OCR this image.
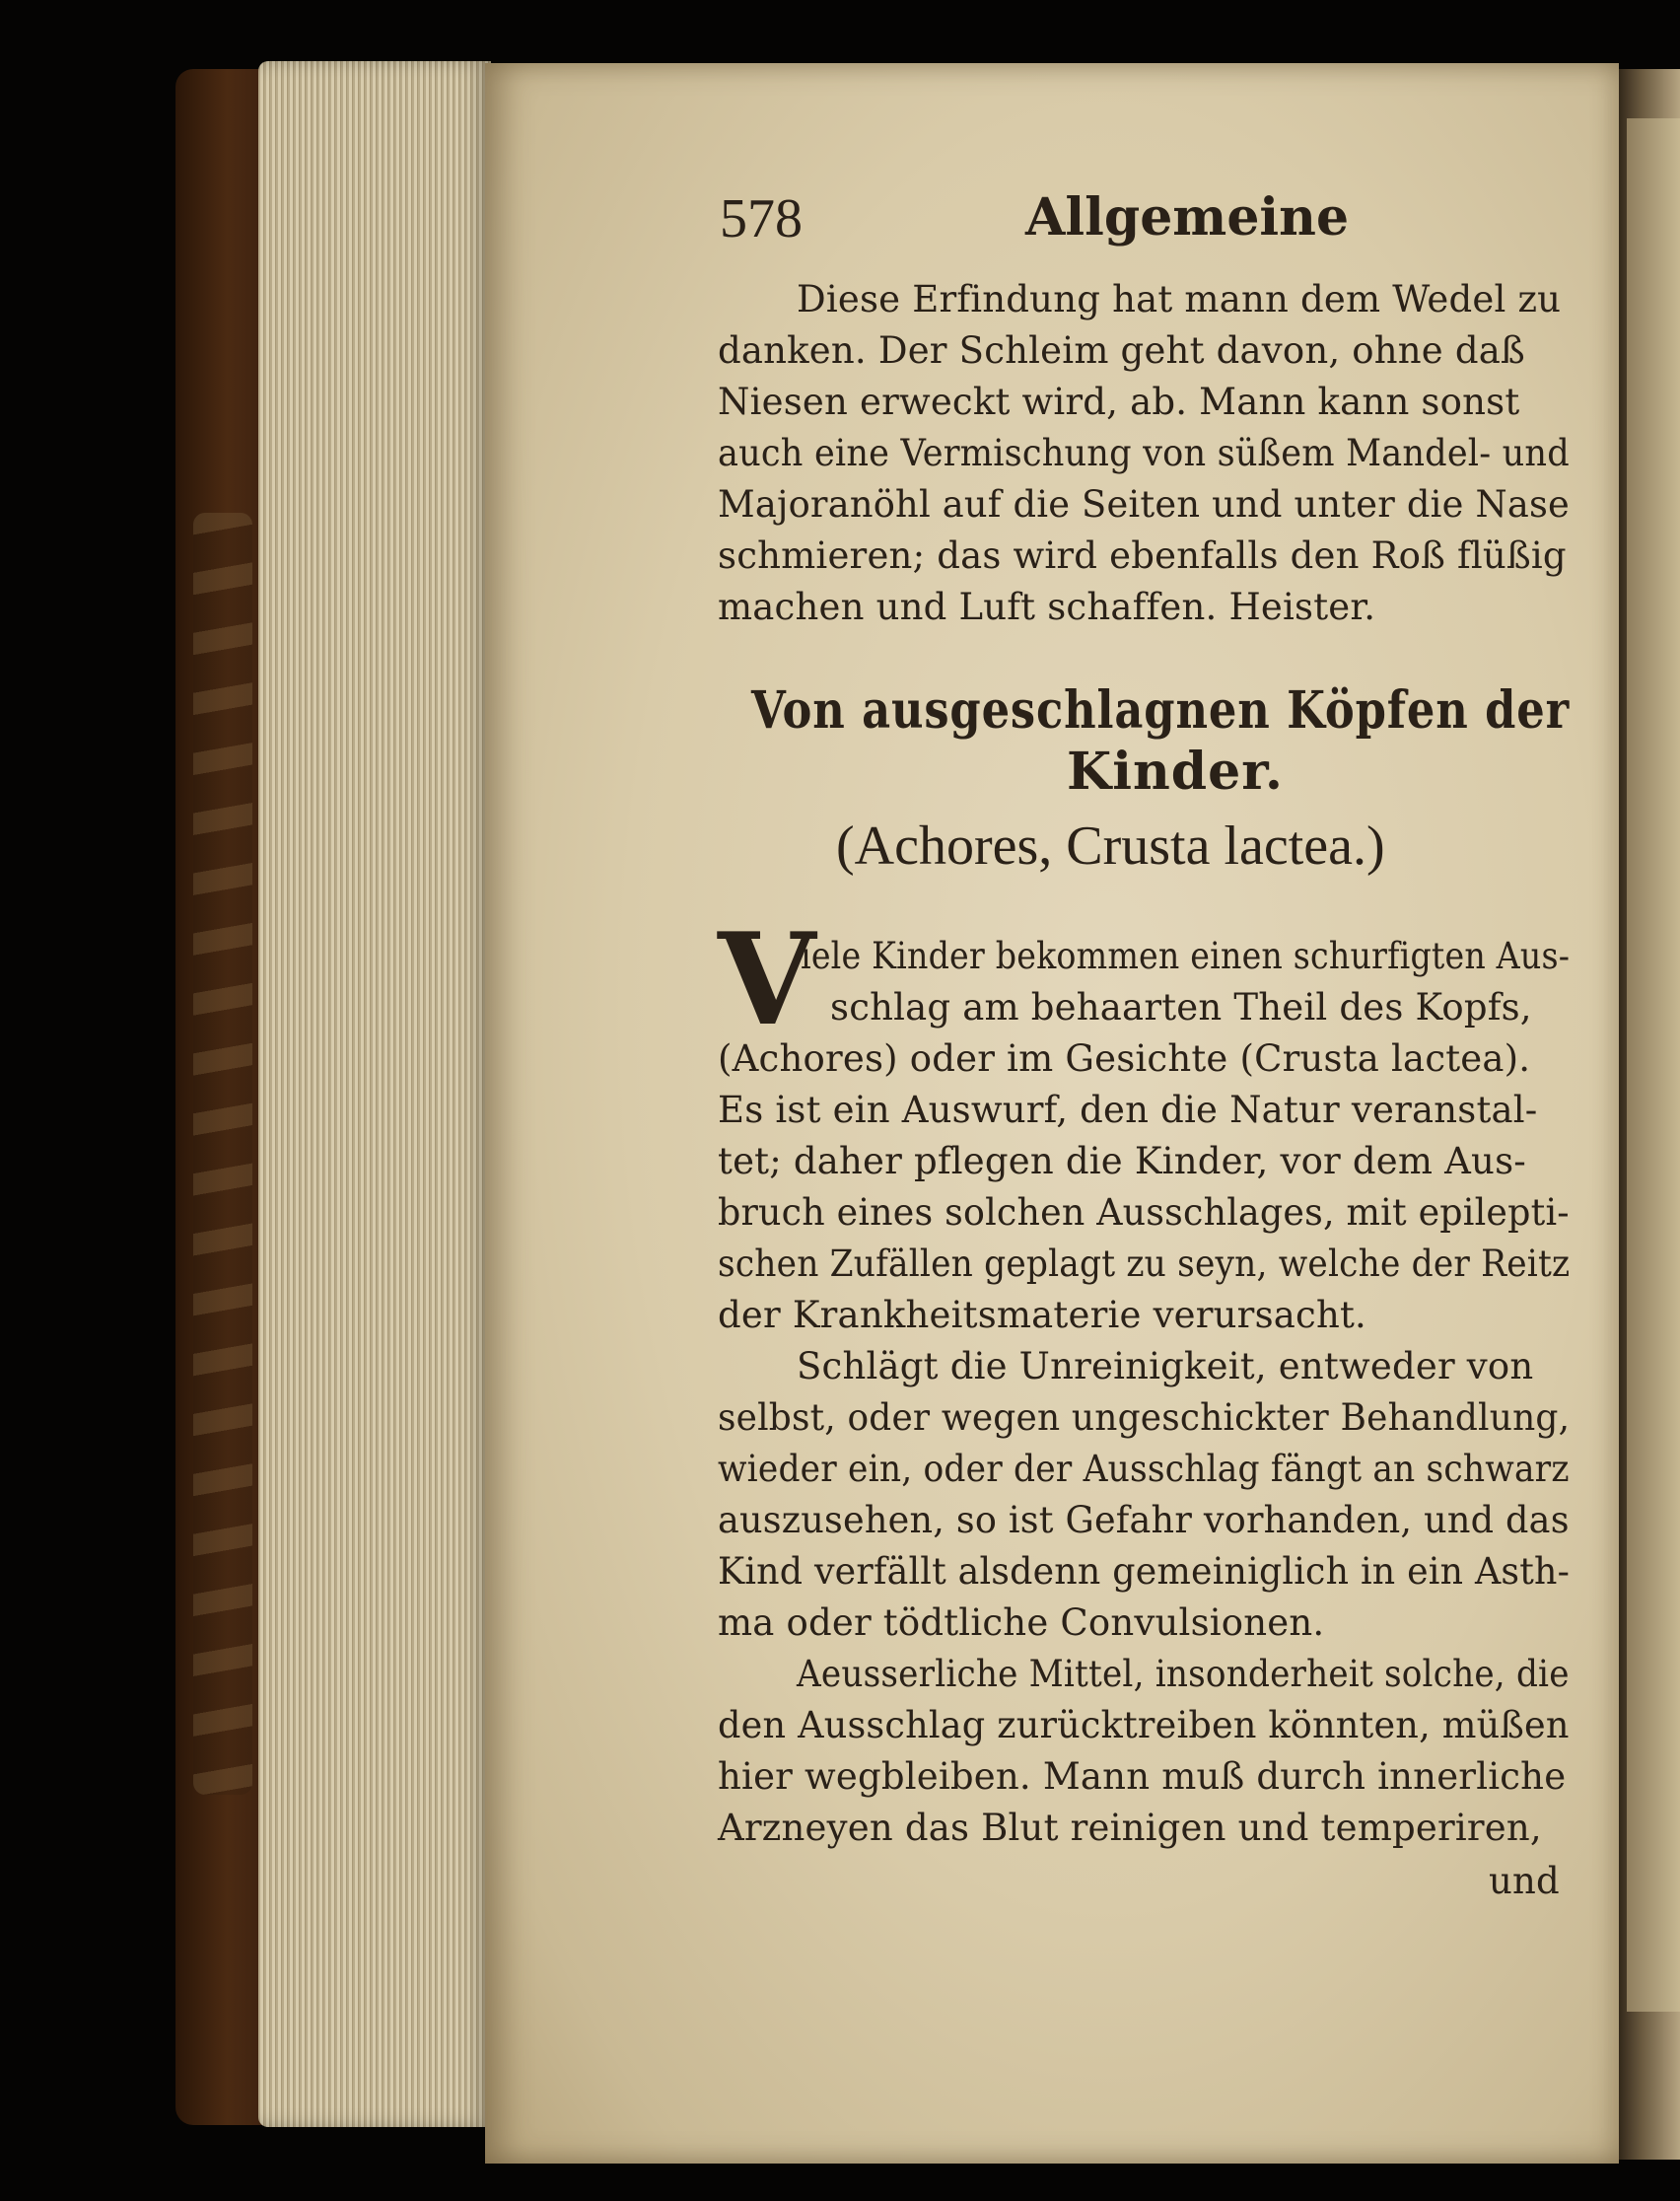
578	Allgemeine

Diese Erfindung hat mann dem Wedel zu

danken. Der Schleim geht davon, ohne daß

Niesen erweckt wird, ab. Mann kann sonst

auch eine Vermischung von süßem Mandel- und

Majoranöhl auf die Seiten und unter die Nase

schmieren; das wird ebenfalls den Roß flüßig

machen und Luft schaffen. Heister.

Von ausgeschlagnen Köpfen der

Kinder.

(Achores, Crusta lactea.)

V

iele Kinder bekommen einen schurfigten Aus-

schlag am behaarten Theil des Kopfs,

(Achores) oder im Gesichte (Crusta lactea).

Es ist ein Auswurf, den die Natur veranstal-

tet; daher pflegen die Kinder, vor dem Aus-

bruch eines solchen Ausschlages, mit epilepti-

schen Zufällen geplagt zu seyn, welche der Reitz

der Krankheitsmaterie verursacht.

Schlägt die Unreinigkeit, entweder von

selbst, oder wegen ungeschickter Behandlung,

wieder ein, oder der Ausschlag fängt an schwarz

auszusehen, so ist Gefahr vorhanden, und das

Kind verfällt alsdenn gemeiniglich in ein Asth-

ma oder tödtliche Convulsionen.

Aeusserliche Mittel, insonderheit solche, die

den Ausschlag zurücktreiben könnten, müßen

hier wegbleiben. Mann muß durch innerliche

Arzneyen das Blut reinigen und temperiren,

und
